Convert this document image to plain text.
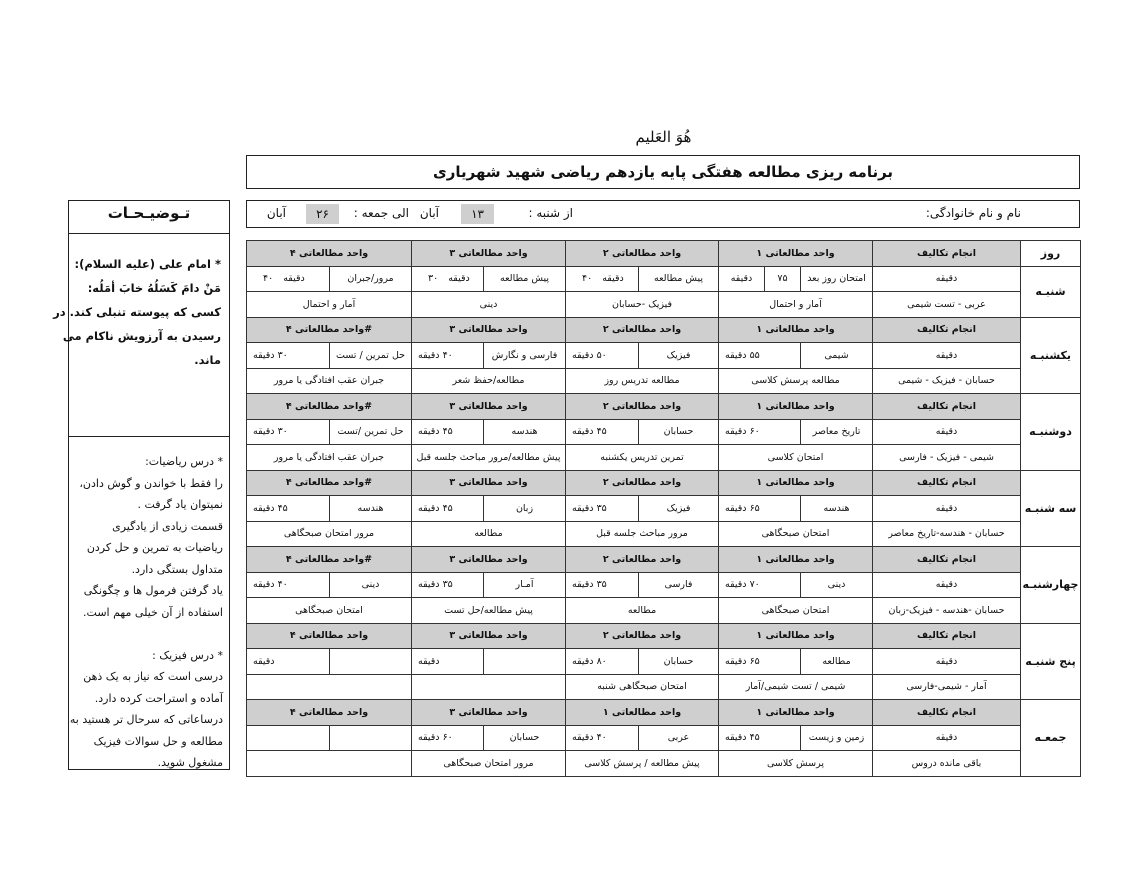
هُوَ العَلیم
برنامه ریزی مطالعه هفتگی پایه یازدهم ریاضی شهید شهریاری
نام و نام خانوادگی:
از شنبه :
۱۳
آبان
الی جمعه :
۲۶
آبان
تـوضیـحـات
* امام علی (علیه السلام):
مَنْ دامَ کَسَلُهُ خابَ أمَلُه:
کسی که پیوسته تنبلی کند. در
رسیدن به آرزویش ناکام می
ماند.
* درس ریاضیات:
را فقط با خواندن و گوش دادن،
نمیتوان یاد گرفت .
قسمت زیادی از یادگیری
ریاضیات به تمرین و حل کردن
متداول بستگی دارد.
یاد گرفتن فرمول ها و چگونگی
استفاده از آن خیلی مهم است.

* درس فیزیک :
درسی است که نیاز به یک ذهن
آماده و استراحت کرده دارد.
درساعاتی که سرحال تر هستید به
مطالعه و حل سوالات فیزیک
مشغول شوید.
روز	انجام تکالیف	واحد مطالعاتی ۱			واحد مطالعاتی ۲		واحد مطالعاتی ۳		واحد مطالعاتی ۴	
شنبـه	دقیقه	امتحان روز بعد	۷۵	دقیقه	پیش مطالعه	دقیقه۴۰	پیش مطالعه	دقیقه۳۰	مرور/جبران	دقیقه۴۰
	عربی - تست شیمی	آمار و احتمال			فیزیک -حسابان		دینی		آمار و احتمال	
یکشنبـه	انجام تکالیف	واحد مطالعاتی ۱			واحد مطالعاتی ۲		واحد مطالعاتی ۳		#واحد مطالعاتی ۴	
	دقیقه	شیمی	۵۵ دقیقه		فیزیک	۵۰ دقیقه	فارسی و نگارش	۴۰ دقیقه	حل تمرین / تست	۳۰ دقیقه
	حسابان - فیزیک - شیمی	مطالعه پرسش کلاسی			مطالعه تدریس روز		مطالعه/حفظ شعر		جبران عقب افتادگی یا مرور	
دوشنبـه	انجام تکالیف	واحد مطالعاتی ۱			واحد مطالعاتی ۲		واحد مطالعاتی ۳		#واحد مطالعاتی ۴	
	دقیقه	تاریخ معاصر	۶۰ دقیقه		حسابان	۴۵ دقیقه	هندسه	۴۵ دقیقه	حل تمرین /تست	۳۰ دقیقه
	شیمی - فیزیک - فارسی	امتحان کلاسی			تمرین تدریس یکشنبه		پیش مطالعه/مرور مباحث جلسه قبل		جبران عقب افتادگی یا مرور	
سه شنبـه	انجام تکالیف	واحد مطالعاتی ۱			واحد مطالعاتی ۲		واحد مطالعاتی ۳		#واحد مطالعاتی ۴	
	دقیقه	هندسه	۶۵ دقیقه		فیزیک	۳۵ دقیقه	زبان	۴۵ دقیقه	هندسه	۴۵ دقیقه
	حسابان - هندسه-تاریخ معاصر	امتحان صبحگاهی			مرور مباحث جلسه قبل		مطالعه		مرور امتحان صبحگاهی	
چهارشنبـه	انجام تکالیف	واحد مطالعاتی ۱			واحد مطالعاتی ۲		واحد مطالعاتی ۳		#واحد مطالعاتی ۴	
	دقیقه	دینی	۷۰ دقیقه		فارسی	۳۵ دقیقه	آمـار	۳۵ دقیقه	دینی	۴۰ دقیقه
	حسابان -هندسه - فیزیک-زبان	امتحان صبحگاهی			مطالعه		پیش مطالعه/حل تست		امتحان صبحگاهی	
پنج شنبـه	انجام تکالیف	واحد مطالعاتی ۱			واحد مطالعاتی ۲		واحد مطالعاتی ۳		واحد مطالعاتی ۴	
	دقیقه	مطالعه	۶۵ دقیقه		حسابان	۸۰ دقیقه		دقیقه		دقیقه
	آمار - شیمی-فارسی	شیمی / تست شیمی/آمار			امتحان صبحگاهی شنبه					
جمعـه	انجام تکالیف	واحد مطالعاتی ۱			واحد مطالعاتی ۱		واحد مطالعاتی ۳		واحد مطالعاتی ۴	
	دقیقه	زمین و زیست	۴۵ دقیقه		عربی	۴۰ دقیقه	حسابان	۶۰ دقیقه		
	باقی مانده دروس	پرسش کلاسی			پیش مطالعه / پرسش کلاسی		مرور امتحان صبحگاهی			
